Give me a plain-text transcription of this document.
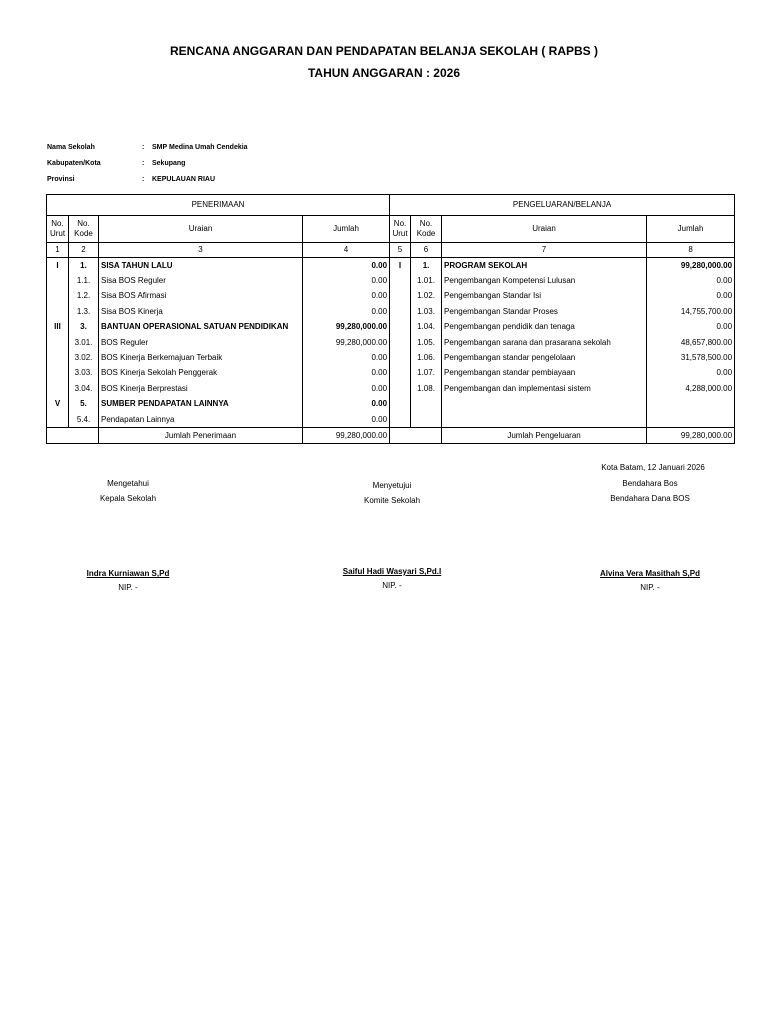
RENCANA ANGGARAN DAN PENDAPATAN BELANJA SEKOLAH ( RAPBS )
TAHUN ANGGARAN : 2026
Nama Sekolah	: SMP Medina Umah Cendekia
Kabupaten/Kota	: Sekupang
Provinsi	: KEPULAUAN RIAU
PENERIMAAN				PENGELUARAN/BELANJA			
No. Urut	No. Kode	Uraian	Jumlah	No. Urut	No. Kode	Uraian	Jumlah
1	2	3	4	5	6	7	8
I	1.	SISA TAHUN LALU	0.00	I	1.	PROGRAM SEKOLAH	99,280,000.00
	1.1.	Sisa BOS Reguler	0.00		1.01.	Pengembangan Kompetensi Lulusan	0.00
	1.2.	Sisa BOS Afirmasi	0.00		1.02.	Pengembangan Standar Isi	0.00
	1.3.	Sisa BOS Kinerja	0.00		1.03.	Pengembangan Standar Proses	14,755,700.00
III	3.	BANTUAN OPERASIONAL SATUAN PENDIDIKAN	99,280,000.00		1.04.	Pengembangan pendidik dan tenaga	0.00
	3.01.	BOS Reguler	99,280,000.00		1.05.	Pengembangan sarana dan prasarana sekolah	48,657,800.00
	3.02.	BOS Kinerja Berkemajuan Terbaik	0.00		1.06.	Pengembangan standar pengelolaan	31,578,500.00
	3.03.	BOS Kinerja Sekolah Penggerak	0.00		1.07.	Pengembangan standar pembiayaan	0.00
	3.04.	BOS Kinerja Berprestasi	0.00		1.08.	Pengembangan dan implementasi sistem	4,288,000.00
V	5.	SUMBER PENDAPATAN LAINNYA	0.00				
	5.4.	Pendapatan Lainnya	0.00				
		Jumlah Penerimaan	99,280,000.00			Jumlah Pengeluaran	99,280,000.00
Kota Batam, 12 Januari 2026
Mengetahui
Kepala Sekolah
Indra Kurniawan S,Pd
NIP. -
Menyetujui
Komite Sekolah
Saiful Hadi Wasyari S,Pd.I
NIP. -
Bendahara Bos
Bendahara Dana BOS
Alvina Vera Masithah S,Pd
NIP. -
